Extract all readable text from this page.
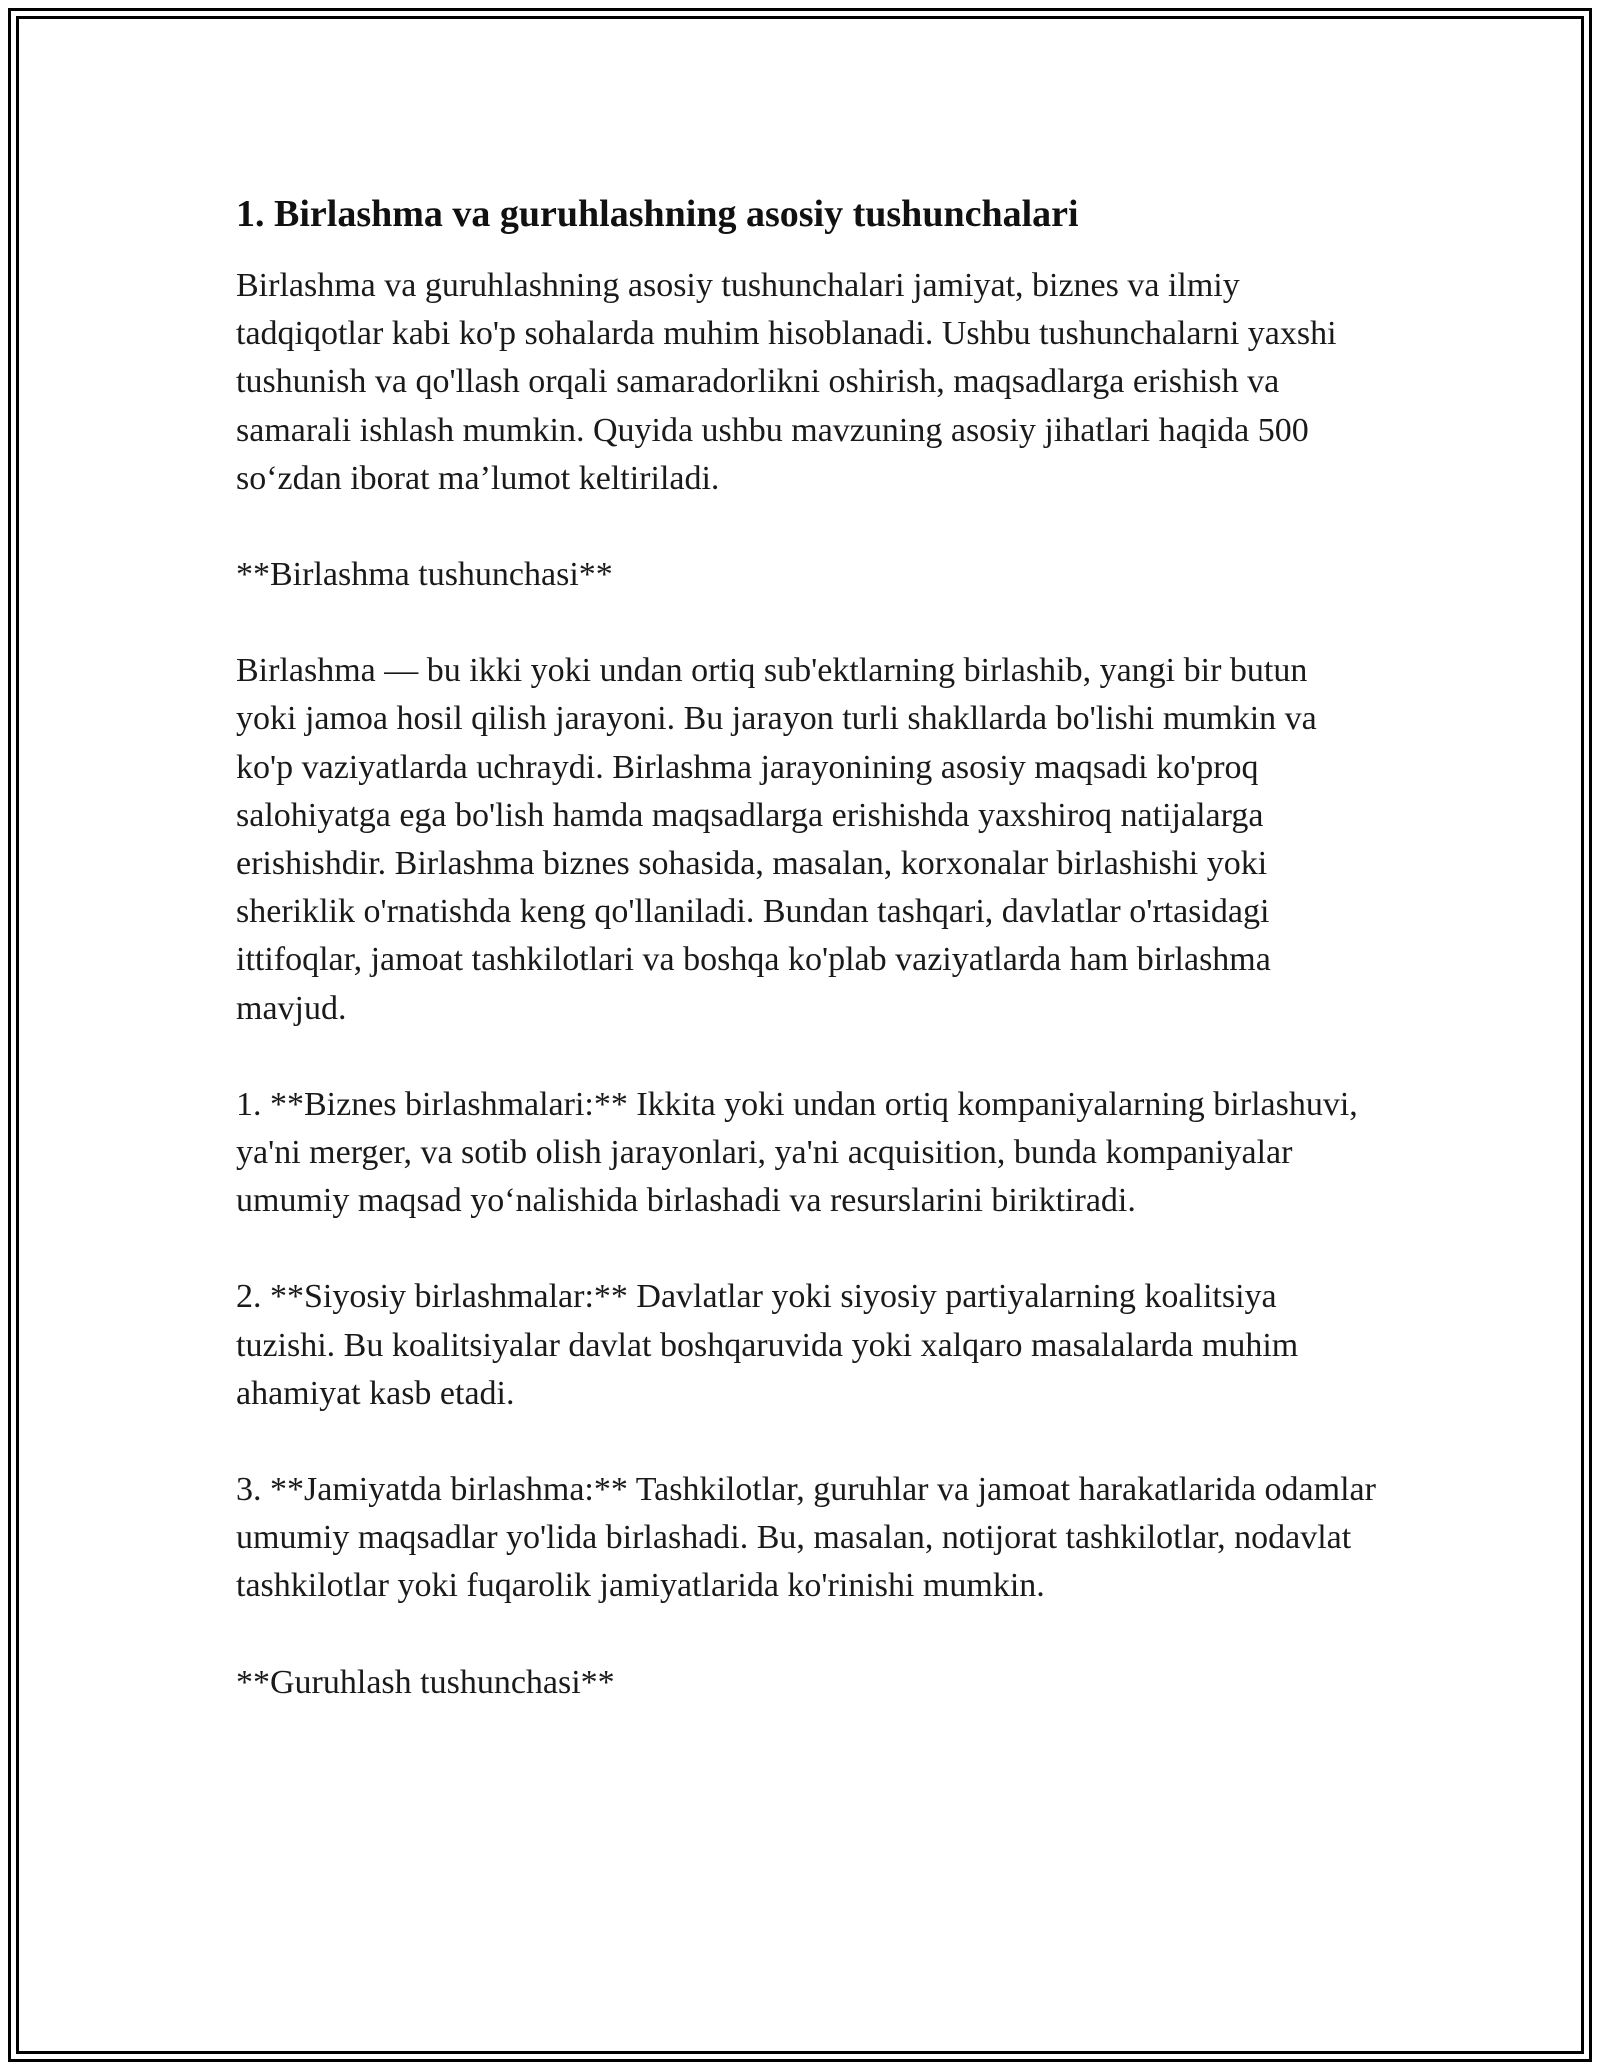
1. Birlashma va guruhlashning asosiy tushunchalari

Birlashma va guruhlashning asosiy tushunchalari jamiyat, biznes va ilmiy tadqiqotlar kabi ko'p sohalarda muhim hisoblanadi. Ushbu tushunchalarni yaxshi tushunish va qo'llash orqali samaradorlikni oshirish, maqsadlarga erishish va samarali ishlash mumkin. Quyida ushbu mavzuning asosiy jihatlari haqida 500 so‘zdan iborat ma’lumot keltiriladi.

**Birlashma tushunchasi**

Birlashma — bu ikki yoki undan ortiq sub'ektlarning birlashib, yangi bir butun yoki jamoa hosil qilish jarayoni. Bu jarayon turli shakllarda bo'lishi mumkin va ko'p vaziyatlarda uchraydi. Birlashma jarayonining asosiy maqsadi ko'proq salohiyatga ega bo'lish hamda maqsadlarga erishishda yaxshiroq natijalarga erishishdir. Birlashma biznes sohasida, masalan, korxonalar birlashishi yoki sheriklik o'rnatishda keng qo'llaniladi. Bundan tashqari, davlatlar o'rtasidagi ittifoqlar, jamoat tashkilotlari va boshqa ko'plab vaziyatlarda ham birlashma mavjud.

1. **Biznes birlashmalari:** Ikkita yoki undan ortiq kompaniyalarning birlashuvi, ya'ni merger, va sotib olish jarayonlari, ya'ni acquisition, bunda kompaniyalar umumiy maqsad yo‘nalishida birlashadi va resurslarini biriktiradi.

2. **Siyosiy birlashmalar:** Davlatlar yoki siyosiy partiyalarning koalitsiya tuzishi. Bu koalitsiyalar davlat boshqaruvida yoki xalqaro masalalarda muhim ahamiyat kasb etadi.

3. **Jamiyatda birlashma:** Tashkilotlar, guruhlar va jamoat harakatlarida odamlar umumiy maqsadlar yo'lida birlashadi. Bu, masalan, notijorat tashkilotlar, nodavlat tashkilotlar yoki fuqarolik jamiyatlarida ko'rinishi mumkin.

**Guruhlash tushunchasi**
